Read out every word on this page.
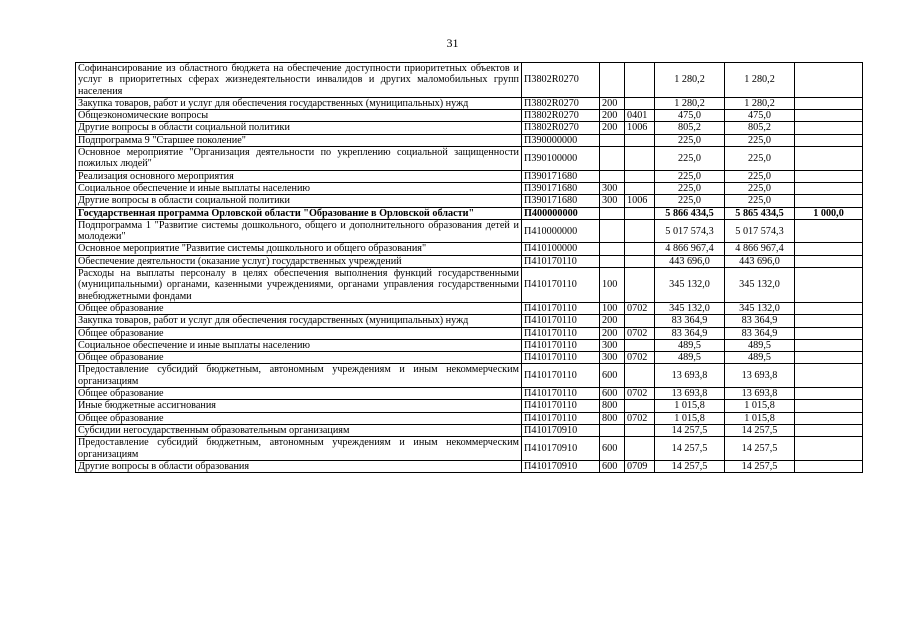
31
Софинансирование из областного бюджета на обеспечение доступности приоритетных объектов и услуг в приоритетных сферах жизнедеятельности инвалидов и других маломобильных групп населения	П3802R0270			1 280,2	1 280,2	
Закупка товаров, работ и услуг для обеспечения государственных (муниципальных) нужд	П3802R0270	200		1 280,2	1 280,2	
Общеэкономические вопросы	П3802R0270	200	0401	475,0	475,0	
Другие вопросы в области социальной политики	П3802R0270	200	1006	805,2	805,2	
Подпрограмма 9 "Старшее поколение"	П390000000			225,0	225,0	
Основное мероприятие "Организация деятельности по укреплению социальной защищенности пожилых людей"	П390100000			225,0	225,0	
Реализация основного мероприятия	П390171680			225,0	225,0	
Социальное обеспечение и иные выплаты населению	П390171680	300		225,0	225,0	
Другие вопросы в области социальной политики	П390171680	300	1006	225,0	225,0	
Государственная программа Орловской области "Образование в Орловской области"	П400000000			5 866 434,5	5 865 434,5	1 000,0
Подпрограмма 1 "Развитие системы дошкольного, общего и дополнительного образования детей и молодежи"	П410000000			5 017 574,3	5 017 574,3	
Основное мероприятие "Развитие системы дошкольного и общего образования"	П410100000			4 866 967,4	4 866 967,4	
Обеспечение деятельности (оказание услуг) государственных учреждений	П410170110			443 696,0	443 696,0	
Расходы на выплаты персоналу в целях обеспечения выполнения функций государственными (муниципальными) органами, казенными учреждениями, органами управления государственными внебюджетными фондами	П410170110	100		345 132,0	345 132,0	
Общее образование	П410170110	100	0702	345 132,0	345 132,0	
Закупка товаров, работ и услуг для обеспечения государственных (муниципальных) нужд	П410170110	200		83 364,9	83 364,9	
Общее образование	П410170110	200	0702	83 364,9	83 364,9	
Социальное обеспечение и иные выплаты населению	П410170110	300		489,5	489,5	
Общее образование	П410170110	300	0702	489,5	489,5	
Предоставление субсидий бюджетным, автономным учреждениям и иным некоммерческим организациям	П410170110	600		13 693,8	13 693,8	
Общее образование	П410170110	600	0702	13 693,8	13 693,8	
Иные бюджетные ассигнования	П410170110	800		1 015,8	1 015,8	
Общее образование	П410170110	800	0702	1 015,8	1 015,8	
Субсидии негосударственным образовательным организациям	П410170910			14 257,5	14 257,5	
Предоставление субсидий бюджетным, автономным учреждениям и иным некоммерческим организациям	П410170910	600		14 257,5	14 257,5	
Другие вопросы в области образования	П410170910	600	0709	14 257,5	14 257,5	
